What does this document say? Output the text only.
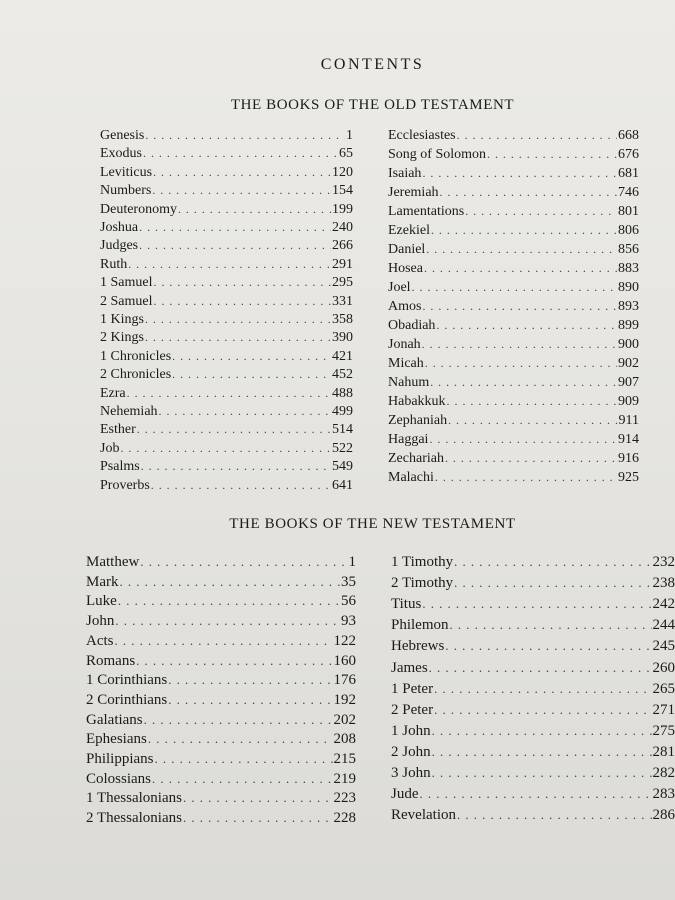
CONTENTS
THE BOOKS OF THE OLD TESTAMENT
Genesis . . .	1
Exodus . . .	65
Leviticus . . .	120
Numbers . . .	154
Deuteronomy . . .	199
Joshua . . .	240
Judges . . .	266
Ruth . . .	291
1 Samuel . . .	295
2 Samuel . . .	331
1 Kings . . .	358
2 Kings . . .	390
1 Chronicles . . .	421
2 Chronicles . . .	452
Ezra . . .	488
Nehemiah . . .	499
Esther . . .	514
Job . . .	522
Psalms . . .	549
Proverbs . . .	641
Ecclesiastes . . .	668
Song of Solomon . . .	676
Isaiah . . .	681
Jeremiah . . .	746
Lamentations . . .	801
Ezekiel . . .	806
Daniel . . .	856
Hosea . . .	883
Joel . . .	890
Amos . . .	893
Obadiah . . .	899
Jonah . . .	900
Micah . . .	902
Nahum . . .	907
Habakkuk . . .	909
Zephaniah . . .	911
Haggai . . .	914
Zechariah . . .	916
Malachi . . .	925
THE BOOKS OF THE NEW TESTAMENT
Matthew . . .	1
Mark . . .	35
Luke . . .	56
John . . .	93
Acts . . .	122
Romans . . .	160
1 Corinthians . . .	176
2 Corinthians . . .	192
Galatians . . .	202
Ephesians . . .	208
Philippians . . .	215
Colossians . . .	219
1 Thessalonians . . .	223
2 Thessalonians . . .	228
1 Timothy . . .	232
2 Timothy . . .	238
Titus . . .	242
Philemon . . .	244
Hebrews . . .	245
James . . .	260
1 Peter . . .	265
2 Peter . . .	271
1 John . . .	275
2 John . . .	281
3 John . . .	282
Jude . . .	283
Revelation . . .	286
